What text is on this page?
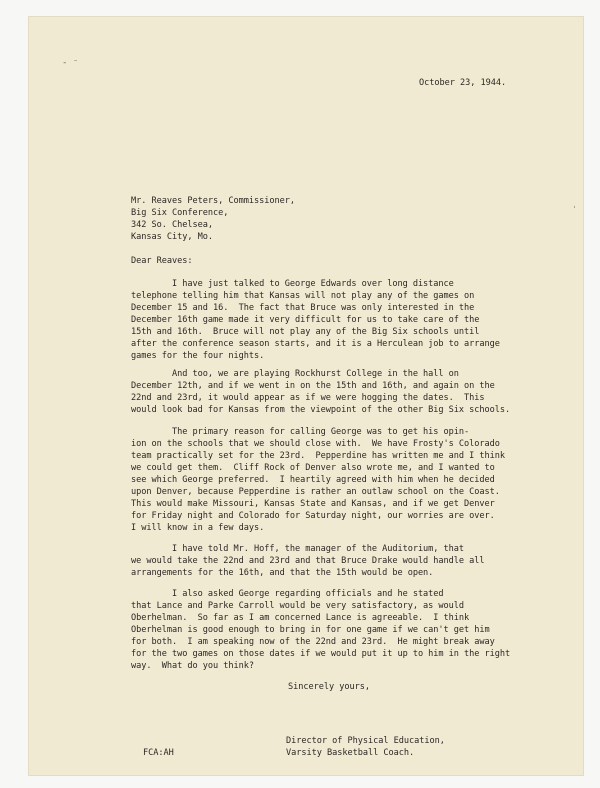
‐ ⁻
ˈ

October 23, 1944.

Mr. Reaves Peters, Commissioner,

Big Six Conference,

342 So. Chelsea,

Kansas City, Mo.

Dear Reaves:

I have just talked to George Edwards over long distance

telephone telling him that Kansas will not play any of the games on

December 15 and 16.  The fact that Bruce was only interested in the

December 16th game made it very difficult for us to take care of the

15th and 16th.  Bruce will not play any of the Big Six schools until

after the conference season starts, and it is a Herculean job to arrange

games for the four nights.

And too, we are playing Rockhurst College in the hall on

December 12th, and if we went in on the 15th and 16th, and again on the

22nd and 23rd, it would appear as if we were hogging the dates.  This

would look bad for Kansas from the viewpoint of the other Big Six schools.

The primary reason for calling George was to get his opin-

ion on the schools that we should close with.  We have Frosty's Colorado

team practically set for the 23rd.  Pepperdine has written me and I think

we could get them.  Cliff Rock of Denver also wrote me, and I wanted to

see which George preferred.  I heartily agreed with him when he decided

upon Denver, because Pepperdine is rather an outlaw school on the Coast.

This would make Missouri, Kansas State and Kansas, and if we get Denver

for Friday night and Colorado for Saturday night, our worries are over.

I will know in a few days.

I have told Mr. Hoff, the manager of the Auditorium, that

we would take the 22nd and 23rd and that Bruce Drake would handle all

arrangements for the 16th, and that the 15th would be open.

I also asked George regarding officials and he stated

that Lance and Parke Carroll would be very satisfactory, as would

Oberhelman.  So far as I am concerned Lance is agreeable.  I think

Oberhelman is good enough to bring in for one game if we can't get him

for both.  I am speaking now of the 22nd and 23rd.  He might break away

for the two games on those dates if we would put it up to him in the right

way.  What do you think?

Sincerely yours,

Director of Physical Education,

FCA:AH

	Varsity Basketball Coach.
